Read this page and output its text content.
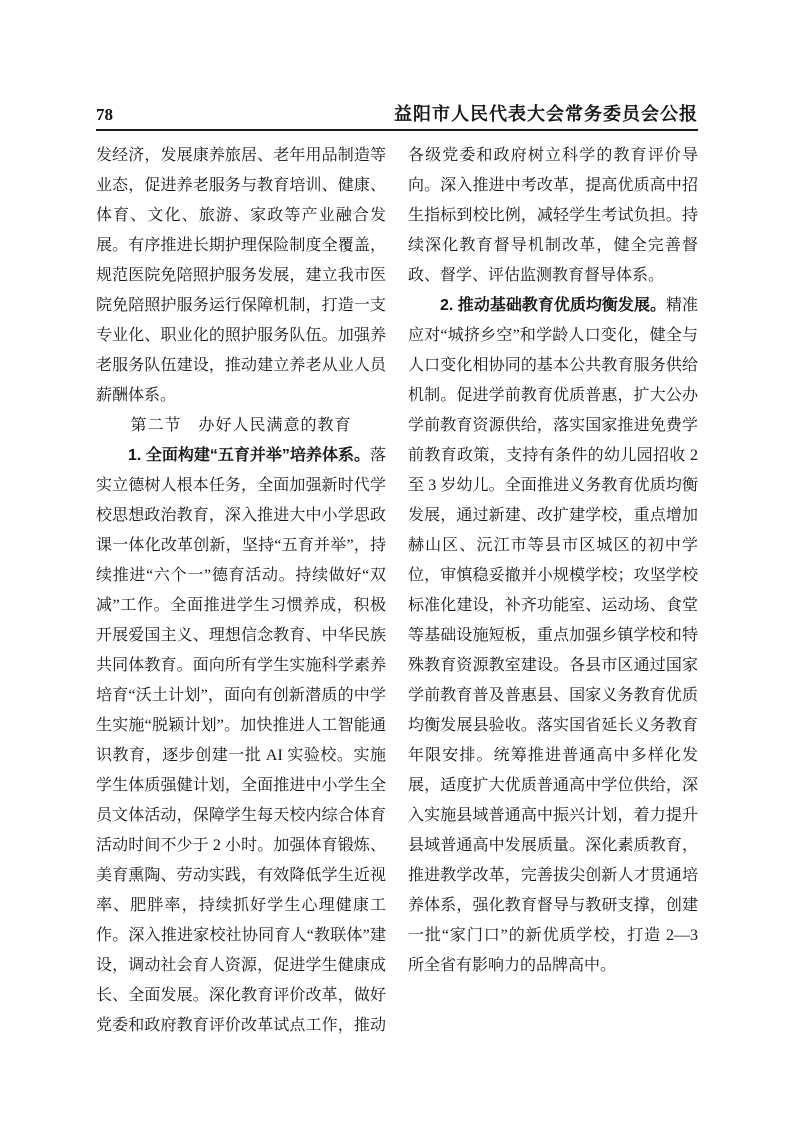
78	益阳市人民代表大会常务委员会公报

发经济，发展康养旅居、老年用品制造等业态，促进养老服务与教育培训、健康、体育、文化、旅游、家政等产业融合发展。有序推进长期护理保险制度全覆盖，规范医院免陪照护服务发展，建立我市医院免陪照护服务运行保障机制，打造一支专业化、职业化的照护服务队伍。加强养老服务队伍建设，推动建立养老从业人员薪酬体系。

第二节　办好人民满意的教育

1. 全面构建“五育并举”培养体系。落实立德树人根本任务，全面加强新时代学校思想政治教育，深入推进大中小学思政课一体化改革创新，坚持“五育并举”，持续推进“六个一”德育活动。持续做好“双减”工作。全面推进学生习惯养成，积极开展爱国主义、理想信念教育、中华民族共同体教育。面向所有学生实施科学素养培育“沃土计划”，面向有创新潜质的中学生实施“脱颖计划”。加快推进人工智能通识教育，逐步创建一批 AI 实验校。实施学生体质强健计划，全面推进中小学生全员文体活动，保障学生每天校内综合体育活动时间不少于 2 小时。加强体育锻炼、美育熏陶、劳动实践，有效降低学生近视率、肥胖率，持续抓好学生心理健康工作。深入推进家校社协同育人“教联体”建设，调动社会育人资源，促进学生健康成长、全面发展。深化教育评价改革，做好党委和政府教育评价改革试点工作，推动各级党委和政府树立科学的教育评价导向。深入推进中考改革，提高优质高中招生指标到校比例，减轻学生考试负担。持续深化教育督导机制改革，健全完善督政、督学、评估监测教育督导体系。

2. 推动基础教育优质均衡发展。精准应对“城挤乡空”和学龄人口变化，健全与人口变化相协同的基本公共教育服务供给机制。促进学前教育优质普惠，扩大公办学前教育资源供给，落实国家推进免费学前教育政策，支持有条件的幼儿园招收 2 至 3 岁幼儿。全面推进义务教育优质均衡发展，通过新建、改扩建学校，重点增加赫山区、沅江市等县市区城区的初中学位，审慎稳妥撤并小规模学校；攻坚学校标准化建设，补齐功能室、运动场、食堂等基础设施短板，重点加强乡镇学校和特殊教育资源教室建设。各县市区通过国家学前教育普及普惠县、国家义务教育优质均衡发展县验收。落实国省延长义务教育年限安排。统筹推进普通高中多样化发展，适度扩大优质普通高中学位供给，深入实施县域普通高中振兴计划，着力提升县域普通高中发展质量。深化素质教育，推进教学改革，完善拔尖创新人才贯通培养体系，强化教育督导与教研支撑，创建一批“家门口”的新优质学校，打造 2—3 所全省有影响力的品牌高中。
